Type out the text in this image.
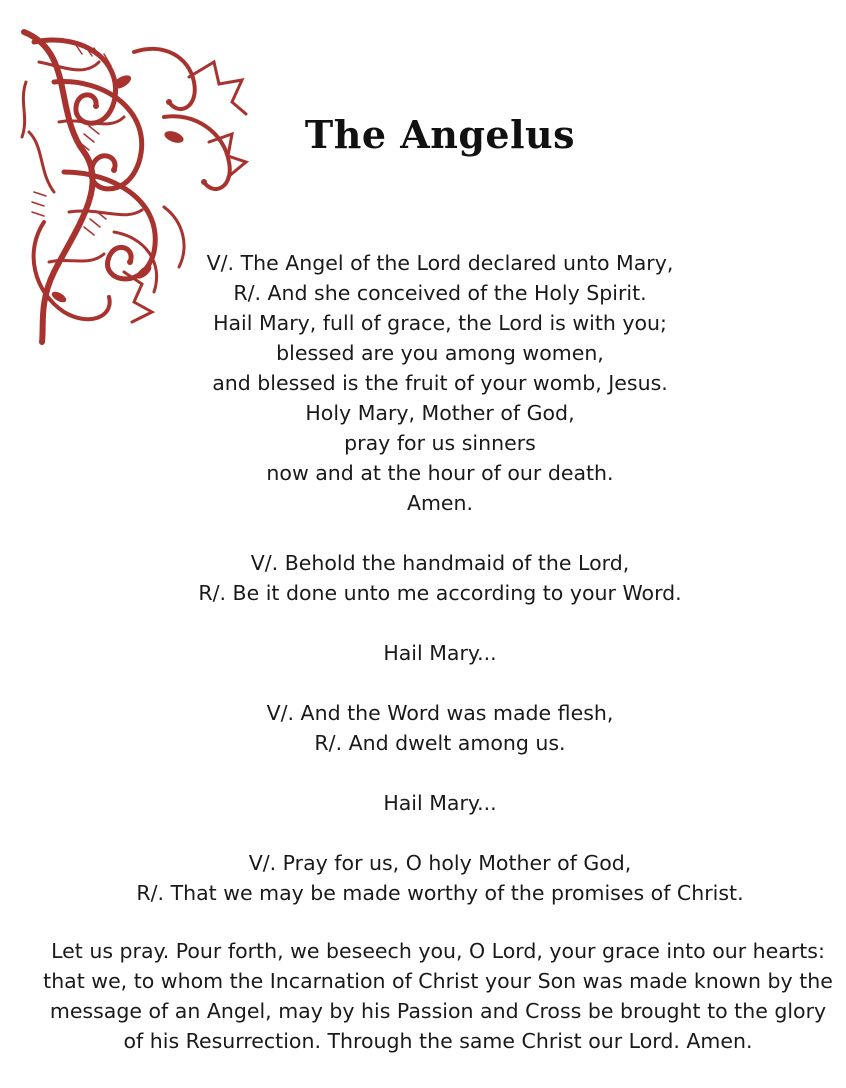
The Angelus
V/. The Angel of the Lord declared unto Mary,
R/. And she conceived of the Holy Spirit.
Hail Mary, full of grace, the Lord is with you;
blessed are you among women,
and blessed is the fruit of your womb, Jesus.
Holy Mary, Mother of God,
pray for us sinners
now and at the hour of our death.
Amen.
V/. Behold the handmaid of the Lord,
R/. Be it done unto me according to your Word.
Hail Mary...
V/. And the Word was made flesh,
R/. And dwelt among us.
Hail Mary...
V/. Pray for us, O holy Mother of God,
R/. That we may be made worthy of the promises of Christ.
Let us pray. Pour forth, we beseech you, O Lord, your grace into our hearts:
that we, to whom the Incarnation of Christ your Son was made known by the
message of an Angel, may by his Passion and Cross be brought to the glory
of his Resurrection. Through the same Christ our Lord. Amen.
